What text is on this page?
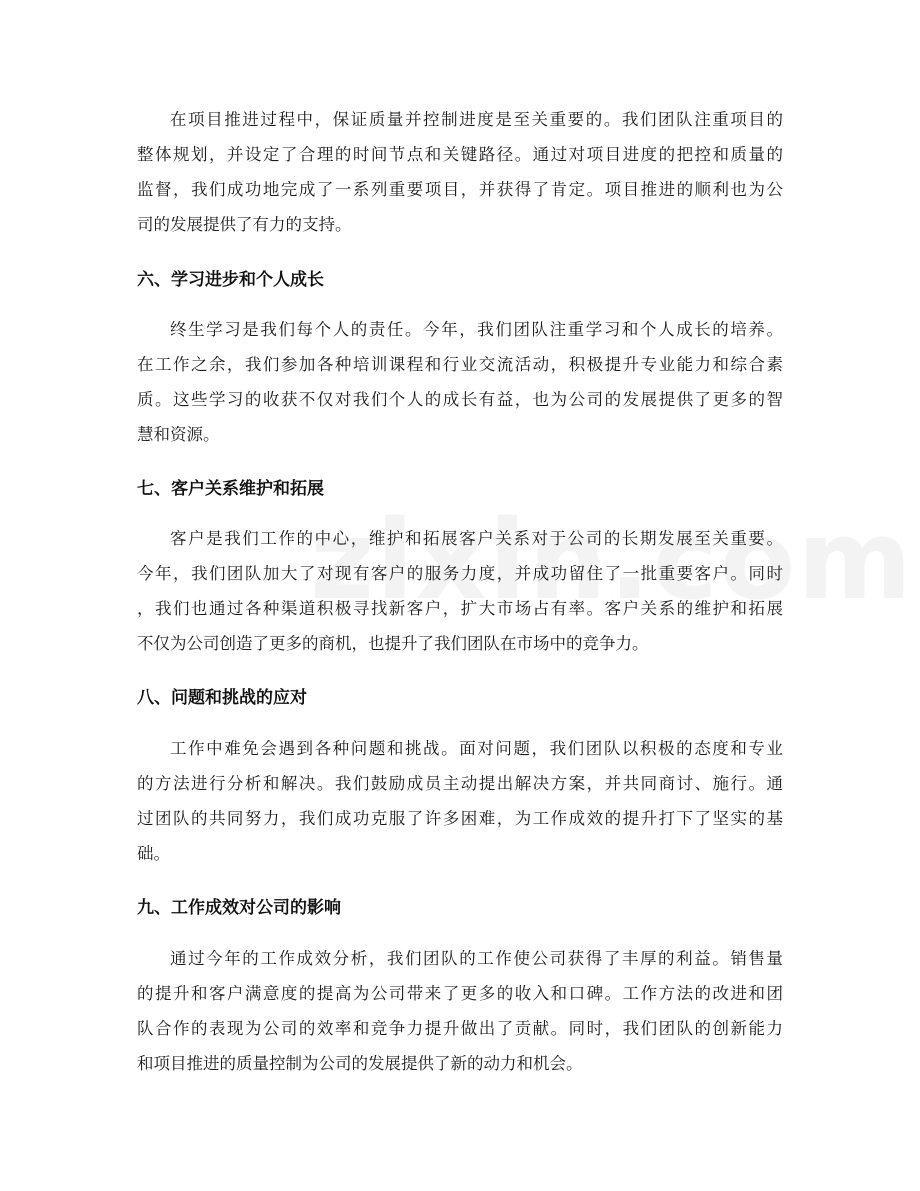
在项目推进过程中，保证质量并控制进度是至关重要的。我们团队注重项目的
整体规划，并设定了合理的时间节点和关键路径。通过对项目进度的把控和质量的
监督，我们成功地完成了一系列重要项目，并获得了肯定。项目推进的顺利也为公
司的发展提供了有力的支持。
六、学习进步和个人成长
终生学习是我们每个人的责任。今年，我们团队注重学习和个人成长的培养。
在工作之余，我们参加各种培训课程和行业交流活动，积极提升专业能力和综合素
质。这些学习的收获不仅对我们个人的成长有益，也为公司的发展提供了更多的智
慧和资源。
七、客户关系维护和拓展
客户是我们工作的中心，维护和拓展客户关系对于公司的长期发展至关重要。
今年，我们团队加大了对现有客户的服务力度，并成功留住了一批重要客户。同时
，我们也通过各种渠道积极寻找新客户，扩大市场占有率。客户关系的维护和拓展
不仅为公司创造了更多的商机，也提升了我们团队在市场中的竞争力。
八、问题和挑战的应对
工作中难免会遇到各种问题和挑战。面对问题，我们团队以积极的态度和专业
的方法进行分析和解决。我们鼓励成员主动提出解决方案，并共同商讨、施行。通
过团队的共同努力，我们成功克服了许多困难，为工作成效的提升打下了坚实的基
础。
九、工作成效对公司的影响
通过今年的工作成效分析，我们团队的工作使公司获得了丰厚的利益。销售量
的提升和客户满意度的提高为公司带来了更多的收入和口碑。工作方法的改进和团
队合作的表现为公司的效率和竞争力提升做出了贡献。同时，我们团队的创新能力
和项目推进的质量控制为公司的发展提供了新的动力和机会。
